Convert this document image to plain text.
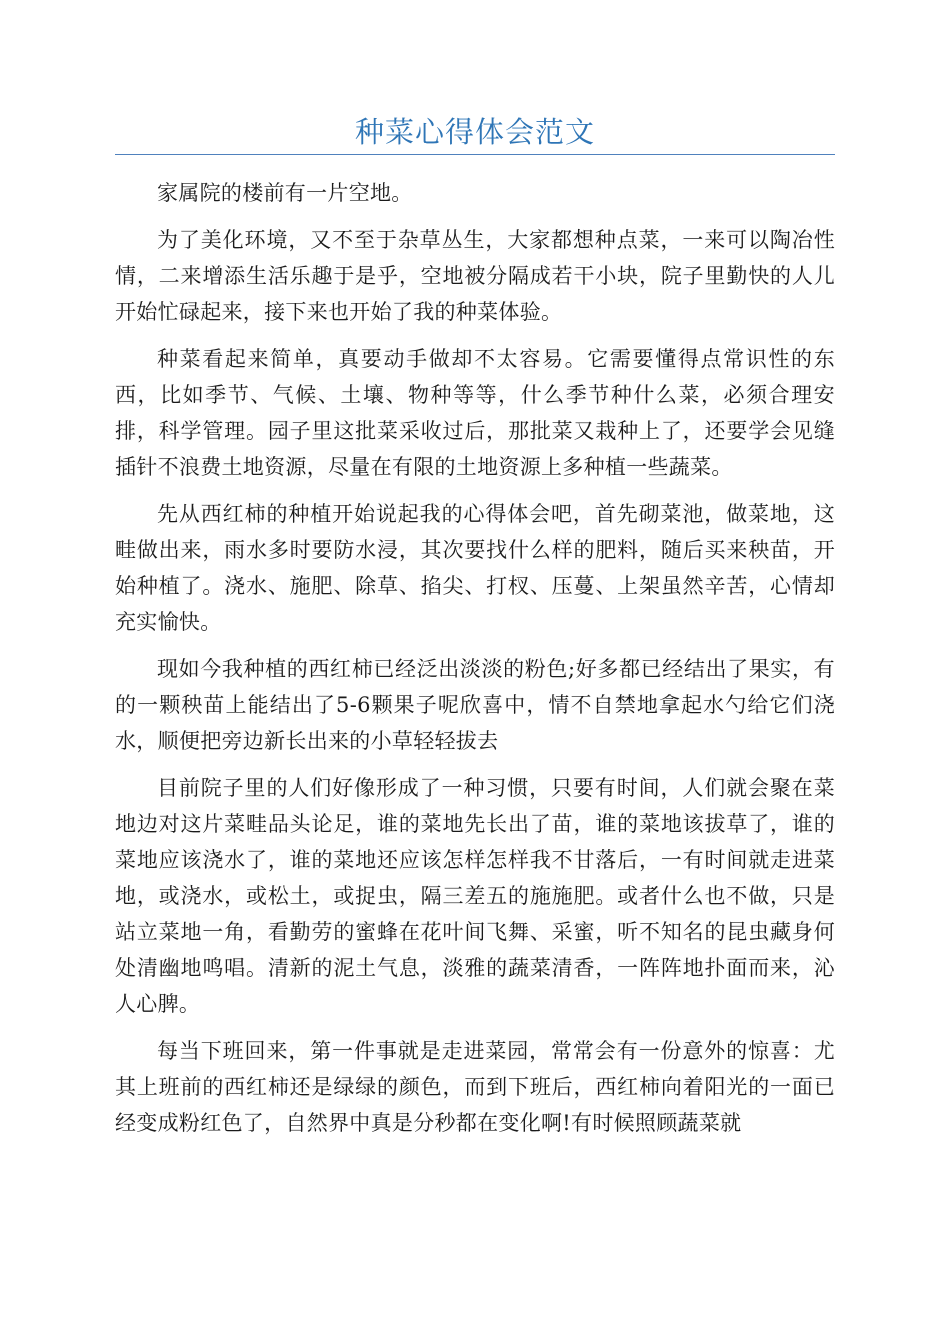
种菜心得体会范文

家属院的楼前有一片空地。

为了美化环境，又不至于杂草丛生，大家都想种点菜，一来可以陶冶性情，二来增添生活乐趣于是乎，空地被分隔成若干小块，院子里勤快的人儿开始忙碌起来，接下来也开始了我的种菜体验。

种菜看起来简单，真要动手做却不太容易。它需要懂得点常识性的东西，比如季节、气候、土壤、物种等等，什么季节种什么菜，必须合理安排，科学管理。园子里这批菜采收过后，那批菜又栽种上了，还要学会见缝插针不浪费土地资源，尽量在有限的土地资源上多种植一些蔬菜。

先从西红柿的种植开始说起我的心得体会吧，首先砌菜池，做菜地，这畦做出来，雨水多时要防水浸，其次要找什么样的肥料，随后买来秧苗，开始种植了。浇水、施肥、除草、掐尖、打杈、压蔓、上架虽然辛苦，心情却充实愉快。

现如今我种植的西红柿已经泛出淡淡的粉色;好多都已经结出了果实，有的一颗秧苗上能结出了5-6颗果子呢欣喜中，情不自禁地拿起水勺给它们浇水，顺便把旁边新长出来的小草轻轻拔去

目前院子里的人们好像形成了一种习惯，只要有时间，人们就会聚在菜地边对这片菜畦品头论足，谁的菜地先长出了苗，谁的菜地该拔草了，谁的菜地应该浇水了，谁的菜地还应该怎样怎样我不甘落后，一有时间就走进菜地，或浇水，或松土，或捉虫，隔三差五的施施肥。或者什么也不做，只是站立菜地一角，看勤劳的蜜蜂在花叶间飞舞、采蜜，听不知名的昆虫藏身何处清幽地鸣唱。清新的泥土气息，淡雅的蔬菜清香，一阵阵地扑面而来，沁人心脾。

每当下班回来，第一件事就是走进菜园，常常会有一份意外的惊喜：尤其上班前的西红柿还是绿绿的颜色，而到下班后，西红柿向着阳光的一面已经变成粉红色了，自然界中真是分秒都在变化啊!有时候照顾蔬菜就
